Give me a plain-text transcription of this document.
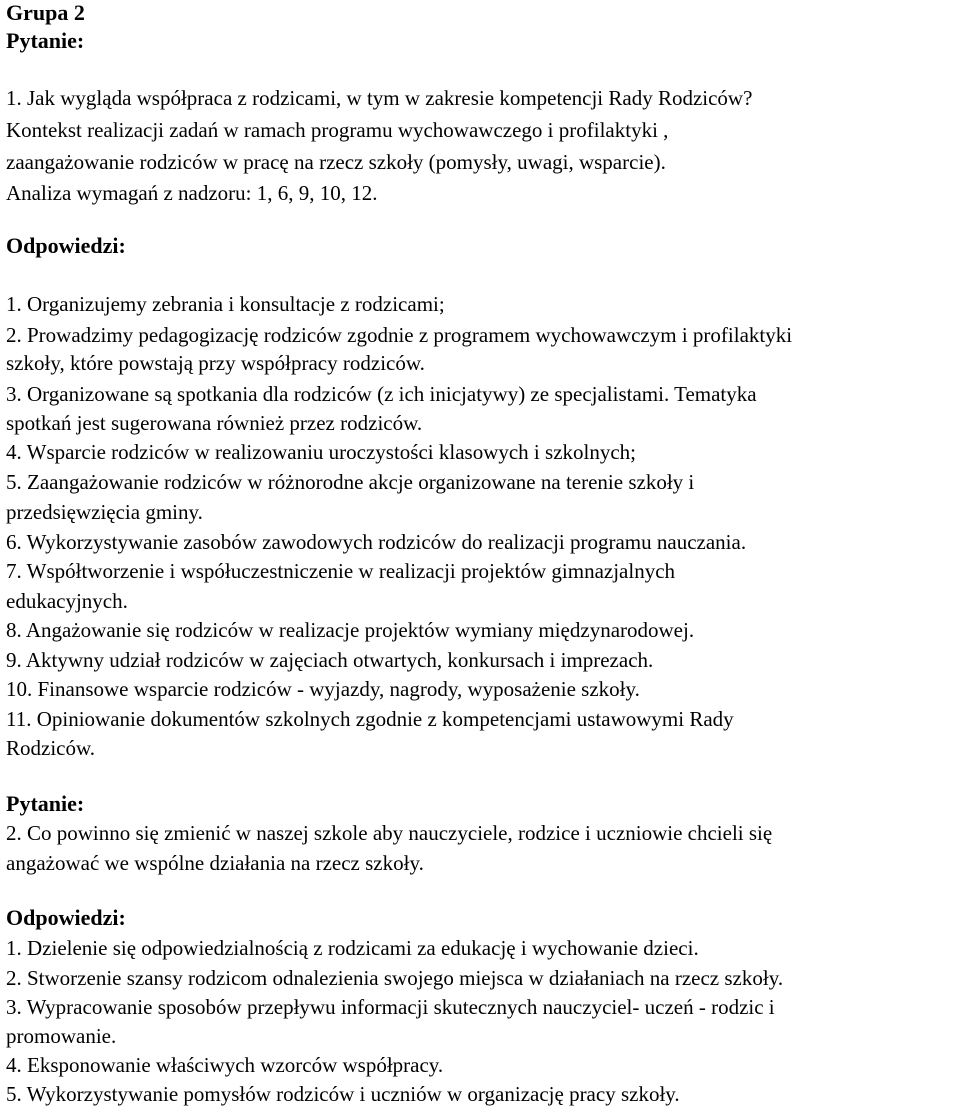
Grupa 2
Pytanie:
1. Jak wygląda współpraca z rodzicami, w tym w zakresie kompetencji Rady Rodziców?
Kontekst realizacji zadań w ramach programu wychowawczego i profilaktyki ,
zaangażowanie rodziców w pracę na rzecz szkoły (pomysły, uwagi, wsparcie).
Analiza wymagań z nadzoru: 1, 6, 9, 10, 12.
Odpowiedzi:
1. Organizujemy zebrania i konsultacje z rodzicami;
2. Prowadzimy pedagogizację rodziców zgodnie z programem wychowawczym i profilaktyki
szkoły, które powstają przy współpracy rodziców.
3. Organizowane są spotkania dla rodziców (z ich inicjatywy) ze specjalistami. Tematyka
spotkań jest sugerowana również przez rodziców.
4. Wsparcie rodziców w realizowaniu uroczystości klasowych i szkolnych;
5. Zaangażowanie rodziców w różnorodne akcje organizowane na terenie szkoły i
przedsięwzięcia gminy.
6. Wykorzystywanie zasobów zawodowych rodziców do realizacji programu nauczania.
7. Współtworzenie i współuczestniczenie w realizacji projektów gimnazjalnych
edukacyjnych.
8. Angażowanie się rodziców w realizacje projektów wymiany międzynarodowej.
9. Aktywny udział rodziców w zajęciach otwartych, konkursach i imprezach.
10. Finansowe wsparcie rodziców - wyjazdy, nagrody, wyposażenie szkoły.
11. Opiniowanie dokumentów szkolnych zgodnie z kompetencjami ustawowymi Rady
Rodziców.
Pytanie:
2. Co powinno się zmienić w naszej szkole aby nauczyciele, rodzice i uczniowie chcieli się
angażować we wspólne działania na rzecz szkoły.
Odpowiedzi:
1. Dzielenie się odpowiedzialnością z rodzicami za edukację i wychowanie dzieci.
2. Stworzenie szansy rodzicom odnalezienia swojego miejsca w działaniach na rzecz szkoły.
3. Wypracowanie sposobów przepływu informacji skutecznych nauczyciel- uczeń - rodzic i
promowanie.
4. Eksponowanie właściwych wzorców współpracy.
5. Wykorzystywanie pomysłów rodziców i uczniów w organizację pracy szkoły.
